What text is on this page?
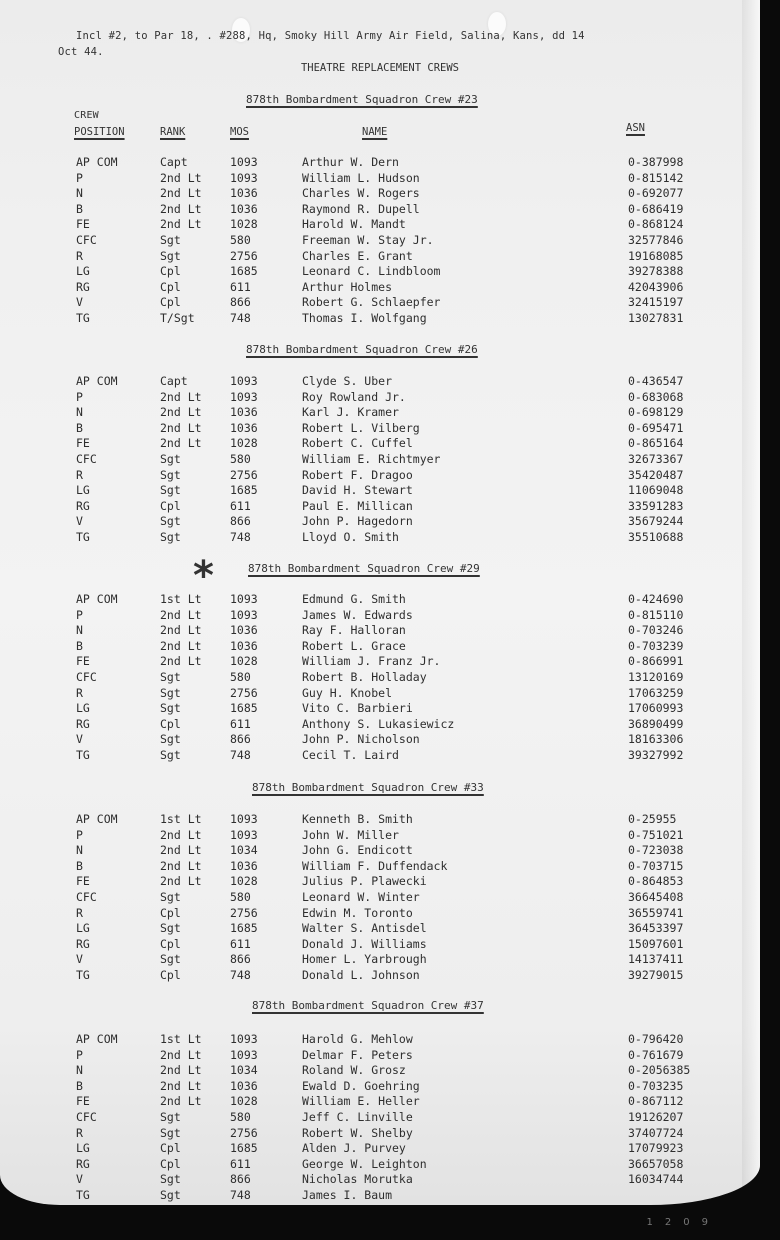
Incl #2, to Par 18, . #288, Hq, Smoky Hill Army Air Field, Salina, Kans, dd 14
Oct 44.
THEATRE REPLACEMENT CREWS
CREW
POSITION	RANK	MOS	NAME	ASN
878th Bombardment Squadron Crew #23
AP COM	Capt	1093	Arthur W. Dern	0-387998
P	2nd Lt 1093	William L. Hudson	0-815142
N	2nd Lt 1036	Charles W. Rogers	0-692077
B	2nd Lt 1036	Raymond R. Dupell	0-686419
FE	2nd Lt 1028	Harold W. Mandt	0-868124
CFC	Sgt	580	Freeman W. Stay Jr.	32577846
R	Sgt	2756	Charles E. Grant	19168085
LG	Cpl	1685	Leonard C. Lindbloom	39278388
RG	Cpl	611	Arthur Holmes	42043906
V	Cpl	866	Robert G. Schlaepfer	32415197
TG	T/Sgt	748	Thomas I. Wolfgang	13027831
878th Bombardment Squadron Crew #26
AP COM	Capt	1093	Clyde S. Uber	0-436547
P	2nd Lt 1093	Roy Rowland Jr.	0-683068
N	2nd Lt 1036	Karl J. Kramer	0-698129
B	2nd Lt 1036	Robert L. Vilberg	0-695471
FE	2nd Lt 1028	Robert C. Cuffel	0-865164
CFC	Sgt	580	William E. Richtmyer	32673367
R	Sgt	2756	Robert F. Dragoo	35420487
LG	Sgt	1685	David H. Stewart	11069048
RG	Cpl	611	Paul E. Millican	33591283
V	Sgt	866	John P. Hagedorn	35679244
TG	Sgt	748	Lloyd O. Smith	35510688
878th Bombardment Squadron Crew #29
AP COM	1st Lt 1093	Edmund G. Smith	0-424690
P	2nd Lt 1093	James W. Edwards	0-815110
N	2nd Lt 1036	Ray F. Halloran	0-703246
B	2nd Lt 1036	Robert L. Grace	0-703239
FE	2nd Lt 1028	William J. Franz Jr.	0-866991
CFC	Sgt	580	Robert B. Holladay	13120169
R	Sgt	2756	Guy H. Knobel	17063259
LG	Sgt	1685	Vito C. Barbieri	17060993
RG	Cpl	611	Anthony S. Lukasiewicz	36890499
V	Sgt	866	John P. Nicholson	18163306
TG	Sgt	748	Cecil T. Laird	39327992
878th Bombardment Squadron Crew #33
AP COM	1st Lt 1093	Kenneth B. Smith	0-25955
P	2nd Lt 1093	John W. Miller	0-751021
N	2nd Lt 1034	John G. Endicott	0-723038
B	2nd Lt 1036	William F. Duffendack	0-703715
FE	2nd Lt 1028	Julius P. Plawecki	0-864853
CFC	Sgt	580	Leonard W. Winter	36645408
R	Cpl	2756	Edwin M. Toronto	36559741
LG	Sgt	1685	Walter S. Antisdel	36453397
RG	Cpl	611	Donald J. Williams	15097601
V	Sgt	866	Homer L. Yarbrough	14137411
TG	Cpl	748	Donald L. Johnson	39279015
878th Bombardment Squadron Crew #37
AP COM	1st Lt 1093	Harold G. Mehlow	0-796420
P	2nd Lt 1093	Delmar F. Peters	0-761679
N	2nd Lt 1034	Roland W. Grosz	0-2056385
B	2nd Lt 1036	Ewald D. Goehring	0-703235
FE	2nd Lt 1028	William E. Heller	0-867112
CFC	Sgt	580	Jeff C. Linville	19126207
R	Sgt	2756	Robert W. Shelby	37407724
LG	Cpl	1685	Alden J. Purvey	17079923
RG	Cpl	611	George W. Leighton	36657058
V	Sgt	866	Nicholas Morutka	16034744
TG	Sgt	748	James I. Baum
*
1209
